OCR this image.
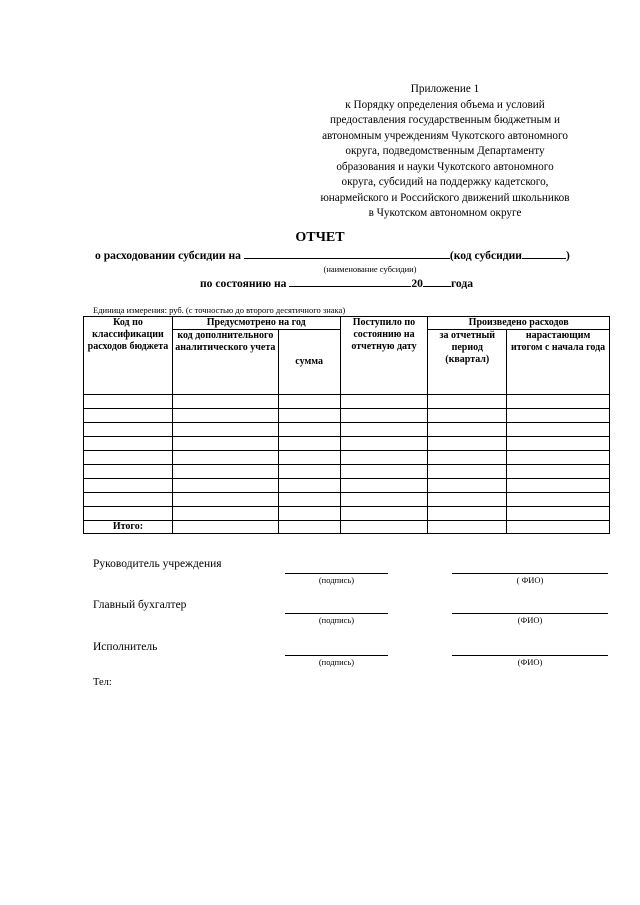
Приложение 1
к Порядку определения объема и условий
предоставления государственным бюджетным и
автономным учреждениям Чукотского автономного
округа, подведомственным Департаменту
образования и науки Чукотского автономного
округа, субсидий на поддержку кадетского,
юнармейского и Российского движений школьников
в Чукотском автономном округе
ОТЧЕТ
о расходовании субсидии на	(код субсидии	)
(наименование субсидии)
по состоянию на	20 года
Единица измерения: руб. (с точностью до второго десятичного знака)
Код по классификации расходов бюджета	Предусмотрено на год		Поступило по состоянию на отчетную дату	Произведено расходов	
	код дополнительного аналитического учета	сумма		за отчетный период (квартал)	нарастающим итогом с начала года

Итого:					
Руководитель учреждения
(подпись)	( ФИО)
Главный бухгалтер
(подпись)	(ФИО)
Исполнитель
(подпись)	(ФИО)
Тел:
